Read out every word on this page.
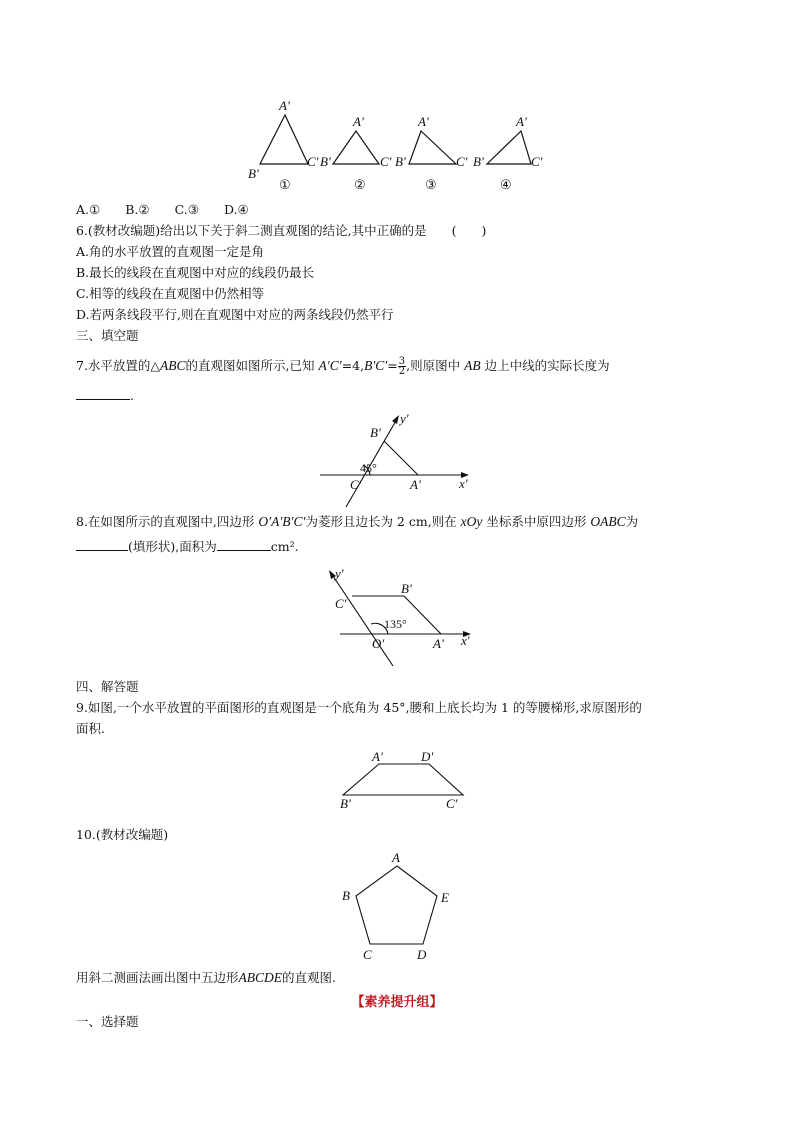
A'
B'
C'
A'
B'	C'
A'
B'	C'
A'
B'	C'
①	②	③	④
A.①　　 B.②　　 C.③　　 D.④
6.(教材改编题)给出以下关于斜二测直观图的结论,其中正确的是　　(　　)
A.角的水平放置的直观图一定是角
B.最长的线段在直观图中对应的线段仍最长
C.相等的线段在直观图中仍然相等
D.若两条线段平行,则在直观图中对应的两条线段仍然平行
三、填空题
7.水平放置的△ABC的直观图如图所示,已知 $A'C'=4,B'C'= \frac{3}{2}$ ,则原图中 AB 边上中线的实际长度为
.
B'
y'
45°
C'	A'	x'
8.在如图所示的直观图中,四边形 O′A′B′C′为菱形且边长为 2 cm,则在 xOy 坐标系中原四边形 OABC为
(填形状),面积为	cm².
y'
B'
C'
135°
O'	A' x'
四、解答题
9.如图,一个水平放置的平面图形的直观图是一个底角为 45°,腰和上底长均为 1 的等腰梯形,求原图形的
面积.
A'	D'
B'	C'
10.(教材改编题)
A
B	E
C	D
用斜二测画法画出图中五边形ABCDE的直观图.
【素养提升组】
一、选择题
